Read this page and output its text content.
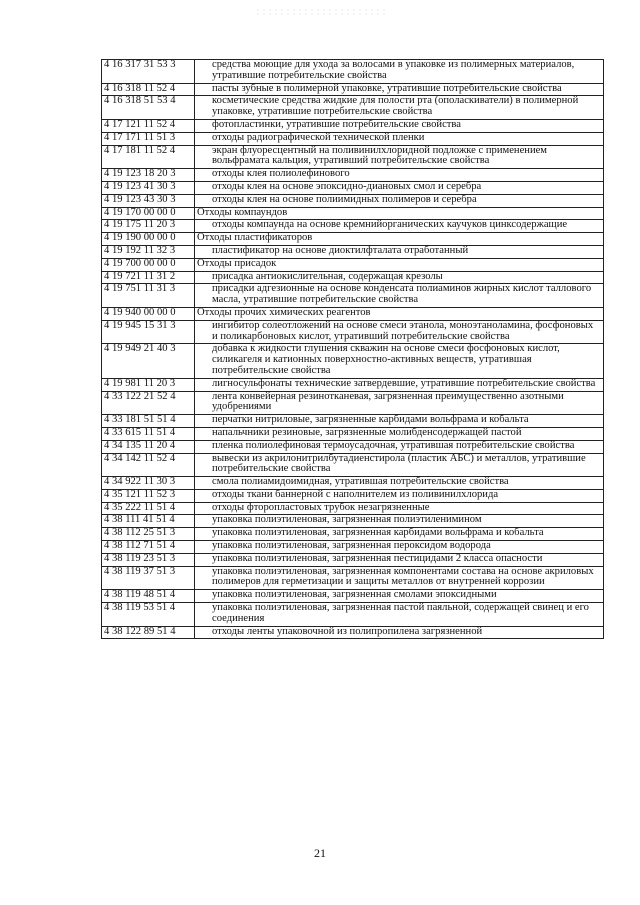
4 16 317 31 53 3	средства моющие для ухода за волосами в упаковке из полимерных материалов, утратившие потребительские свойства
4 16 318 11 52 4	пасты зубные в полимерной упаковке, утратившие потребительские свойства
4 16 318 51 53 4	косметические средства жидкие для полости рта (ополаскиватели) в полимерной упаковке, утратившие потребительские свойства
4 17 121 11 52 4	фотопластинки, утратившие потребительские свойства
4 17 171 11 51 3	отходы радиографической технической пленки
4 17 181 11 52 4	экран флуоресцентный на поливинилхлоридной подложке с применением вольфрамата кальция, утративший потребительские свойства
4 19 123 18 20 3	отходы клея полиолефинового
4 19 123 41 30 3	отходы клея на основе эпоксидно-диановых смол и серебра
4 19 123 43 30 3	отходы клея на основе полиимидных полимеров и серебра
4 19 170 00 00 0	Отходы компаундов
4 19 175 11 20 3	отходы компаунда на основе кремнийорганических каучуков цинксодержащие
4 19 190 00 00 0	Отходы пластификаторов
4 19 192 11 32 3	пластификатор на основе диоктилфталата отработанный
4 19 700 00 00 0	Отходы присадок
4 19 721 11 31 2	присадка антиокислительная, содержащая крезолы
4 19 751 11 31 3	присадки адгезионные на основе конденсата полиаминов жирных кислот таллового масла, утратившие потребительские свойства
4 19 940 00 00 0	Отходы прочих химических реагентов
4 19 945 15 31 3	ингибитор солеотложений на основе смеси этанола, моноэтаноламина, фосфоновых и поликарбоновых кислот, утративший потребительские свойства
4 19 949 21 40 3	добавка к жидкости глушения скважин на основе смеси фосфоновых кислот, силикагеля и катионных поверхностно-активных веществ, утратившая потребительские свойства
4 19 981 11 20 3	лигносульфонаты технические затвердевшие, утратившие потребительские свойства
4 33 122 21 52 4	лента конвейерная резинотканевая, загрязненная преимущественно азотными удобрениями
4 33 181 51 51 4	перчатки нитриловые, загрязненные карбидами вольфрама и кобальта
4 33 615 11 51 4	напальчники резиновые, загрязненные молибденсодержащей пастой
4 34 135 11 20 4	пленка полиолефиновая термоусадочная, утратившая потребительские свойства
4 34 142 11 52 4	вывески из акрилонитрилбутадиенстирола (пластик АБС) и металлов, утратившие потребительские свойства
4 34 922 11 30 3	смола полиамидоимидная, утратившая потребительские свойства
4 35 121 11 52 3	отходы ткани баннерной с наполнителем из поливинилхлорида
4 35 222 11 51 4	отходы фторопластовых трубок незагрязненные
4 38 111 41 51 4	упаковка полиэтиленовая, загрязненная полиэтиленимином
4 38 112 25 51 3	упаковка полиэтиленовая, загрязненная карбидами вольфрама и кобальта
4 38 112 71 51 4	упаковка полиэтиленовая, загрязненная пероксидом водорода
4 38 119 23 51 3	упаковка полиэтиленовая, загрязненная пестицидами 2 класса опасности
4 38 119 37 51 3	упаковка полиэтиленовая, загрязненная компонентами состава на основе акриловых полимеров для герметизации и защиты металлов от внутренней коррозии
4 38 119 48 51 4	упаковка полиэтиленовая, загрязненная смолами эпоксидными
4 38 119 53 51 4	упаковка полиэтиленовая, загрязненная пастой паяльной, содержащей свинец и его соединения
4 38 122 89 51 4	отходы ленты упаковочной из полипропилена загрязненной
21
